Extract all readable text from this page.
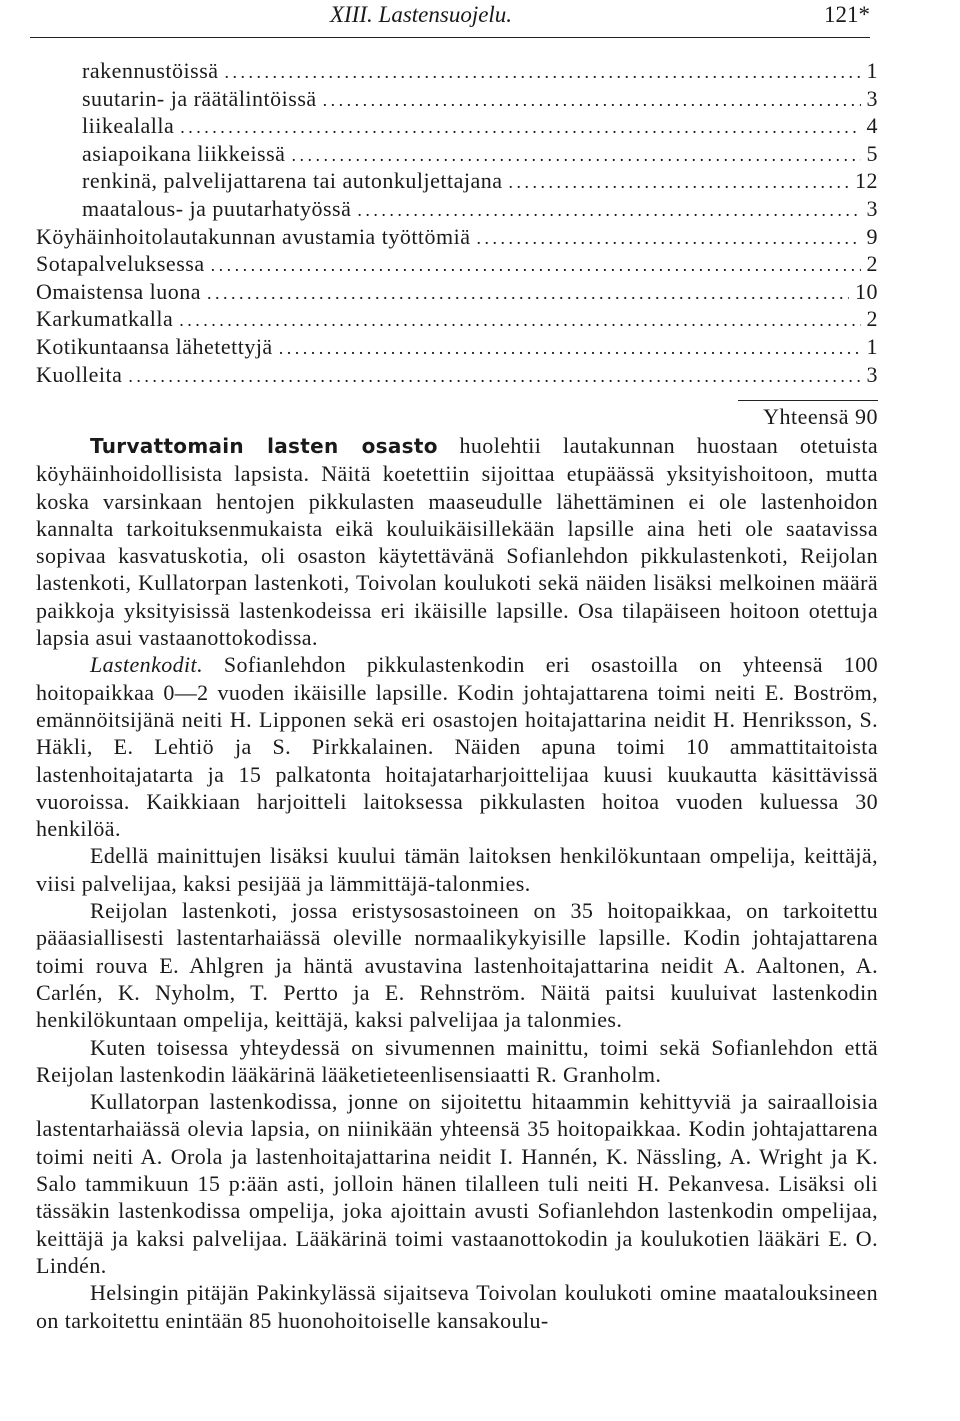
XIII. Lastensuojelu.	121*
rakennustöissä .....	1
suutarin- ja räätälintöissä .....	3
liikealalla .....	4
asiapoikana liikkeissä .....	5
renkinä, palvelijattarena tai autonkuljettajana .....	12
maatalous- ja puutarhatyössä .....	3
Köyhäinhoitolautakunnan avustamia työttömiä .....	9
Sotapalveluksessa .....	2
Omaistensa luona .....	10
Karkumatkalla .....	2
Kotikuntaansa lähetettyjä .....	1
Kuolleita .....	3
Yhteensä 90

Turvattomain lasten osasto huolehtii lautakunnan huostaan otetuista köyhäinhoidollisista lapsista. Näitä koetettiin sijoittaa etupäässä yksityishoitoon, mutta koska varsinkaan hentojen pikkulasten maaseudulle lähettäminen ei ole lastenhoidon kannalta tarkoituksenmukaista eikä kouluikäisillekään lapsille aina heti ole saatavissa sopivaa kasvatuskotia, oli osaston käytettävänä Sofianlehdon pikkulastenkoti, Reijolan lastenkoti, Kullatorpan lastenkoti, Toivolan koulukoti sekä näiden lisäksi melkoinen määrä paikkoja yksityisissä lastenkodeissa eri ikäisille lapsille. Osa tilapäiseen hoitoon otettuja lapsia asui vastaanottokodissa.

Lastenkodit. Sofianlehdon pikkulastenkodin eri osastoilla on yhteensä 100 hoitopaikkaa 0—2 vuoden ikäisille lapsille. Kodin johtajattarena toimi neiti E. Boström, emännöitsijänä neiti H. Lipponen sekä eri osastojen hoitajattarina neidit H. Henriksson, S. Häkli, E. Lehtiö ja S. Pirkkalainen. Näiden apuna toimi 10 ammattitaitoista lastenhoitajatarta ja 15 palkatonta hoitajatarharjoittelijaa kuusi kuukautta käsittävissä vuoroissa. Kaikkiaan harjoitteli laitoksessa pikkulasten hoitoa vuoden kuluessa 30 henkilöä.

Edellä mainittujen lisäksi kuului tämän laitoksen henkilökuntaan ompelija, keittäjä, viisi palvelijaa, kaksi pesijää ja lämmittäjä-talonmies.

Reijolan lastenkoti, jossa eristysosastoineen on 35 hoitopaikkaa, on tarkoitettu pääasiallisesti lastentarhaiässä oleville normaalikykyisille lapsille. Kodin johtajattarena toimi rouva E. Ahlgren ja häntä avustavina lastenhoitajattarina neidit A. Aaltonen, A. Carlén, K. Nyholm, T. Pertto ja E. Rehnström. Näitä paitsi kuuluivat lastenkodin henkilökuntaan ompelija, keittäjä, kaksi palvelijaa ja talonmies.

Kuten toisessa yhteydessä on sivumennen mainittu, toimi sekä Sofianlehdon että Reijolan lastenkodin lääkärinä lääketieteenlisensiaatti R. Granholm.

Kullatorpan lastenkodissa, jonne on sijoitettu hitaammin kehittyviä ja sairaalloisia lastentarhaiässä olevia lapsia, on niinikään yhteensä 35 hoitopaikkaa. Kodin johtajattarena toimi neiti A. Orola ja lastenhoitajattarina neidit I. Hannén, K. Nässling, A. Wright ja K. Salo tammikuun 15 p:ään asti, jolloin hänen tilalleen tuli neiti H. Pekanvesa. Lisäksi oli tässäkin lastenkodissa ompelija, joka ajoittain avusti Sofianlehdon lastenkodin ompelijaa, keittäjä ja kaksi palvelijaa. Lääkärinä toimi vastaanottokodin ja koulukotien lääkäri E. O. Lindén.

Helsingin pitäjän Pakinkylässä sijaitseva Toivolan koulukoti omine maatalouksineen on tarkoitettu enintään 85 huonohoitoiselle kansakoulu-
